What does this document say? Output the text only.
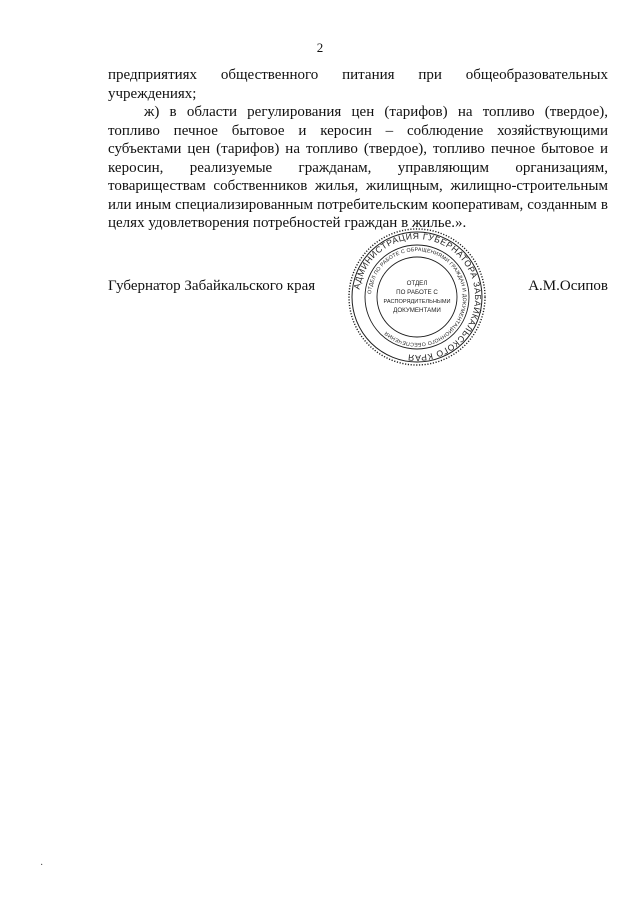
2

предприятиях общественного питания при общеобразовательных учреждениях;

ж) в области регулирования цен (тарифов) на топливо (твердое), топливо печное бытовое и керосин – соблюдение хозяйствующими субъектами цен (тарифов) на топливо (твердое), топливо печное бытовое и керосин, реализуемые гражданам, управляющим организациям, товариществам собственников жилья, жилищным, жилищно-строительным или иным специализированным потребительским кооперативам, созданным в целях удовлетворения потребностей граждан в жилье.».

Губернатор Забайкальского края	АДМИНИСТРАЦИЯ ГУБЕРНАТОРА ЗАБАЙКАЛЬСКОГО КРАЯ
ОТДЕЛ ПО РАБОТЕ С ОБРАЩЕНИЯМИ ГРАЖДАН И ДОКУМЕНТАЦИОННОГО ОБЕСПЕЧЕНИЯ
ОТДЕЛ
ПО РАБОТЕ С
РАСПОРЯДИТЕЛЬНЫМИ
ДОКУМЕНТАМИ
А.М.Осипов
·
